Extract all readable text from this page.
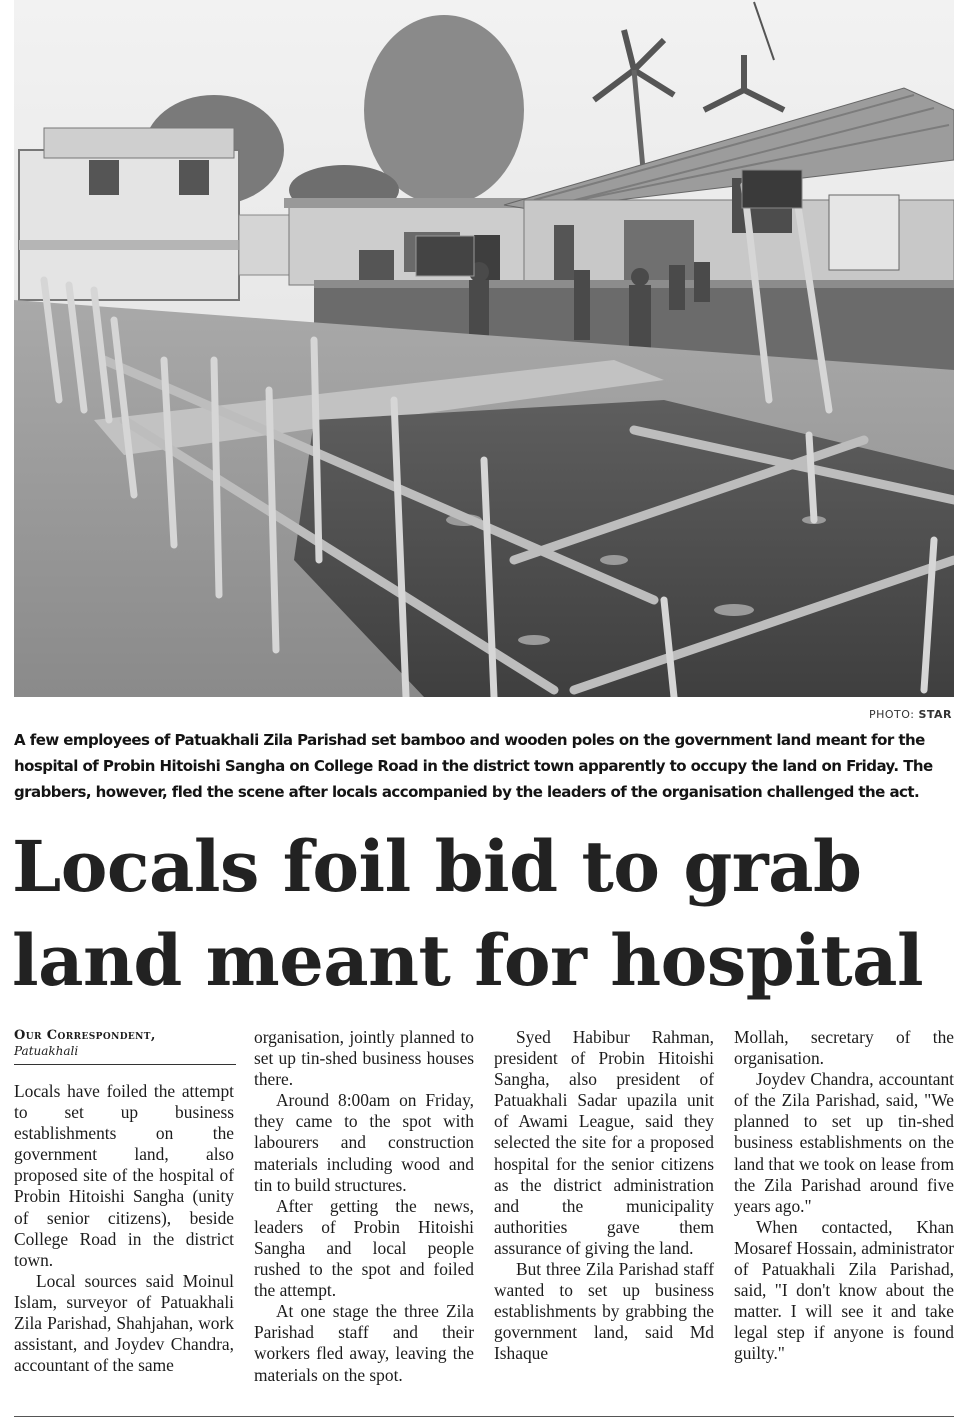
PHOTO: STAR
A few employees of Patuakhali Zila Parishad set bamboo and wooden poles on the government land meant for the hospital of Probin Hitoishi Sangha on College Road in the district town apparently to occupy the land on Friday. The grabbers, however, fled the scene after locals accompanied by the leaders of the organisation challenged the act.
Locals foil bid to grab land meant for hospital
Our Correspondent,
Patuakhali

Locals have foiled the attempt to set up business establishments on the government land, also proposed site of the hospital of Probin Hitoishi Sangha (unity of senior citizens), beside College Road in the district town.

Local sources said Moinul Islam, surveyor of Patuakhali Zila Parishad, Shahjahan, work assistant, and Joydev Chandra, accountant of the same

organisation, jointly planned to set up tin-shed business houses there.

Around 8:00am on Friday, they came to the spot with labourers and construction materials including wood and tin to build structures.

After getting the news, leaders of Probin Hitoishi Sangha and local people rushed to the spot and foiled the attempt.

At one stage the three Zila Parishad staff and their workers fled away, leaving the materials on the spot.

Syed Habibur Rahman, president of Probin Hitoishi Sangha, also president of Patuakhali Sadar upazila unit of Awami League, said they selected the site for a proposed hospital for the senior citizens as the district administration and the municipality authorities gave them assurance of giving the land.

But three Zila Parishad staff wanted to set up business establishments by grabbing the government land, said Md Ishaque

Mollah, secretary of the organisation.

Joydev Chandra, accountant of the Zila Parishad, said, "We planned to set up tin-shed business establishments on the land that we took on lease from the Zila Parishad around five years ago."

When contacted, Khan Mosaref Hossain, administrator of Patuakhali Zila Parishad, said, "I don't know about the matter. I will see it and take legal step if anyone is found guilty."
